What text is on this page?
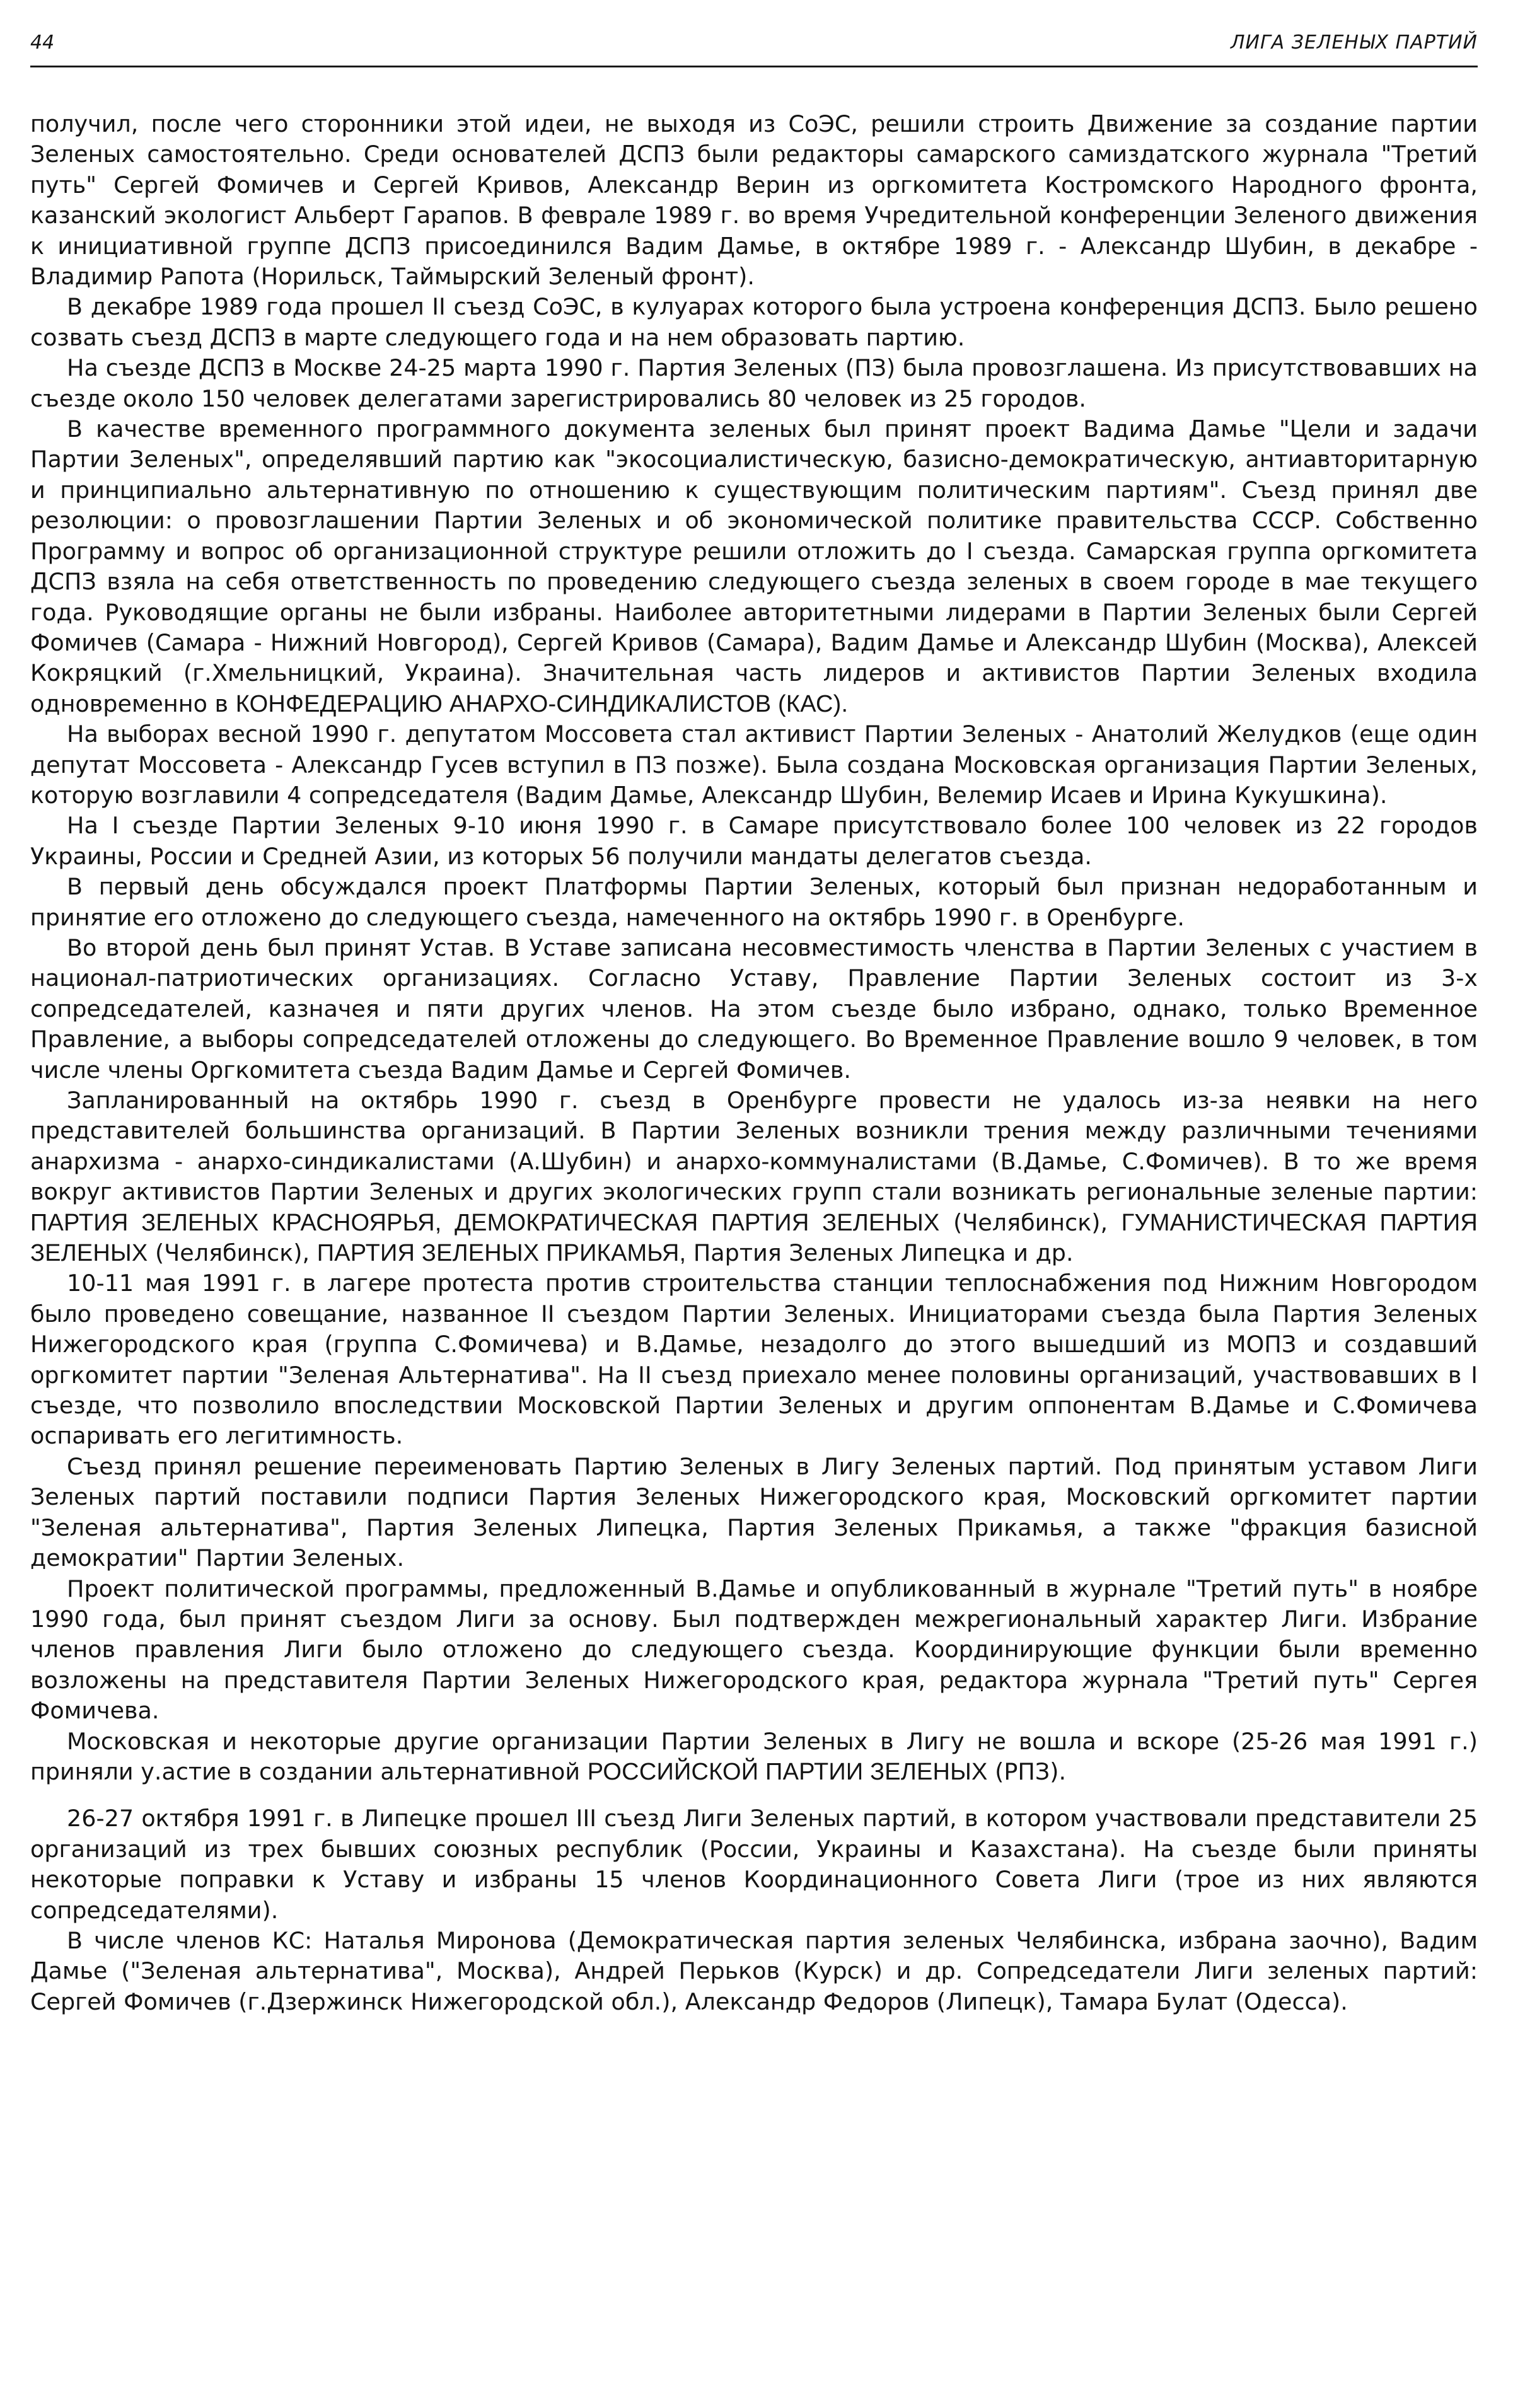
44	ЛИГА ЗЕЛЕНЫХ ПАРТИЙ

получил, после чего сторонники этой идеи, не выходя из СоЭС, решили строить Движение за создание партии Зеленых самостоятельно. Среди основателей ДСПЗ были редакторы самарского самиздатского журнала "Третий путь" Сергей Фомичев и Сергей Кривов, Александр Верин из оргкомитета Костромского Народного фронта, казанский экологист Альберт Гарапов. В феврале 1989 г. во время Учредительной конференции Зеленого движения к инициативной группе ДСПЗ присоединился Вадим Дамье, в октябре 1989 г. - Александр Шубин, в декабре - Владимир Рапота (Норильск, Таймырский Зеленый фронт).

В декабре 1989 года прошел II съезд СоЭС, в кулуарах которого была устроена конференция ДСПЗ. Было решено созвать съезд ДСПЗ в марте следующего года и на нем образовать партию.

На съезде ДСПЗ в Москве 24-25 марта 1990 г. Партия Зеленых (ПЗ) была провозглашена. Из присутствовавших на съезде около 150 человек делегатами зарегистрировались 80 человек из 25 городов.

В качестве временного программного документа зеленых был принят проект Вадима Дамье "Цели и задачи Партии Зеленых", определявший партию как "экосоциалистическую, базисно-демократическую, антиавторитарную и принципиально альтернативную по отношению к существующим политическим партиям". Съезд принял две резолюции: о провозглашении Партии Зеленых и об экономической политике правительства СССР. Собственно Программу и вопрос об организационной структуре решили отложить до I съезда. Самарская группа оргкомитета ДСПЗ взяла на себя ответственность по проведению следующего съезда зеленых в своем городе в мае текущего года. Руководящие органы не были избраны. Наиболее авторитетными лидерами в Партии Зеленых были Сергей Фомичев (Самара - Нижний Новгород), Сергей Кривов (Самара), Вадим Дамье и Александр Шубин (Москва), Алексей Кокряцкий (г.Хмельницкий, Украина). Значительная часть лидеров и активистов Партии Зеленых входила одновременно в КОНФЕДЕРАЦИЮ АНАРХО-СИНДИКАЛИСТОВ (КАС).

На выборах весной 1990 г. депутатом Моссовета стал активист Партии Зеленых - Анатолий Желудков (еще один депутат Моссовета - Александр Гусев вступил в ПЗ позже). Была создана Московская организация Партии Зеленых, которую возглавили 4 сопредседателя (Вадим Дамье, Александр Шубин, Велемир Исаев и Ирина Кукушкина).

На I съезде Партии Зеленых 9-10 июня 1990 г. в Самаре присутствовало более 100 человек из 22 городов Украины, России и Средней Азии, из которых 56 получили мандаты делегатов съезда.

В первый день обсуждался проект Платформы Партии Зеленых, который был признан недоработанным и принятие его отложено до следующего съезда, намеченного на октябрь 1990 г. в Оренбурге.

Во второй день был принят Устав. В Уставе записана несовместимость членства в Партии Зеленых с участием в национал-патриотических организациях. Согласно Уставу, Правление Партии Зеленых состоит из 3-х сопредседателей, казначея и пяти других членов. На этом съезде было избрано, однако, только Временное Правление, а выборы сопредседателей отложены до следующего. Во Временное Правление вошло 9 человек, в том числе члены Оргкомитета съезда Вадим Дамье и Сергей Фомичев.

Запланированный на октябрь 1990 г. съезд в Оренбурге провести не удалось из-за неявки на него представителей большинства организаций. В Партии Зеленых возникли трения между различными течениями анархизма - анархо-синдикалистами (А.Шубин) и анархо-коммуналистами (В.Дамье, С.Фомичев). В то же время вокруг активистов Партии Зеленых и других экологических групп стали возникать региональные зеленые партии: ПАРТИЯ ЗЕЛЕНЫХ КРАСНОЯРЬЯ, ДЕМОКРАТИЧЕСКАЯ ПАРТИЯ ЗЕЛЕНЫХ (Челябинск), ГУМАНИСТИЧЕСКАЯ ПАРТИЯ ЗЕЛЕНЫХ (Челябинск), ПАРТИЯ ЗЕЛЕНЫХ ПРИКАМЬЯ, Партия Зеленых Липецка и др.

10-11 мая 1991 г. в лагере протеста против строительства станции теплоснабжения под Нижним Новгородом было проведено совещание, названное II съездом Партии Зеленых. Инициаторами съезда была Партия Зеленых Нижегородского края (группа С.Фомичева) и В.Дамье, незадолго до этого вышедший из МОПЗ и создавший оргкомитет партии "Зеленая Альтернатива". На II съезд приехало менее половины организаций, участвовавших в I съезде, что позволило впоследствии Московской Партии Зеленых и другим оппонентам В.Дамье и С.Фомичева оспаривать его легитимность.

Съезд принял решение переименовать Партию Зеленых в Лигу Зеленых партий. Под принятым уставом Лиги Зеленых партий поставили подписи Партия Зеленых Нижегородского края, Московский оргкомитет партии "Зеленая альтернатива", Партия Зеленых Липецка, Партия Зеленых Прикамья, а также "фракция базисной демократии" Партии Зеленых.

Проект политической программы, предложенный В.Дамье и опубликованный в журнале "Третий путь" в ноябре 1990 года, был принят съездом Лиги за основу. Был подтвержден межрегиональный характер Лиги. Избрание членов правления Лиги было отложено до следующего съезда. Координирующие функции были временно возложены на представителя Партии Зеленых Нижегородского края, редактора журнала "Третий путь" Сергея Фомичева.

Московская и некоторые другие организации Партии Зеленых в Лигу не вошла и вскоре (25-26 мая 1991 г.) приняли у.астие в создании альтернативной РОССИЙСКОЙ ПАРТИИ ЗЕЛЕНЫХ (РПЗ).

26-27 октября 1991 г. в Липецке прошел III съезд Лиги Зеленых партий, в котором участвовали представители 25 организаций из трех бывших союзных республик (России, Украины и Казахстана). На съезде были приняты некоторые поправки к Уставу и избраны 15 членов Координационного Совета Лиги (трое из них являются сопредседателями).

В числе членов КС: Наталья Миронова (Демократическая партия зеленых Челябинска, избрана заочно), Вадим Дамье ("Зеленая альтернатива", Москва), Андрей Перьков (Курск) и др. Сопредседатели Лиги зеленых партий: Сергей Фомичев (г.Дзержинск Нижегородской обл.), Александр Федоров (Липецк), Тамара Булат (Одесса).
